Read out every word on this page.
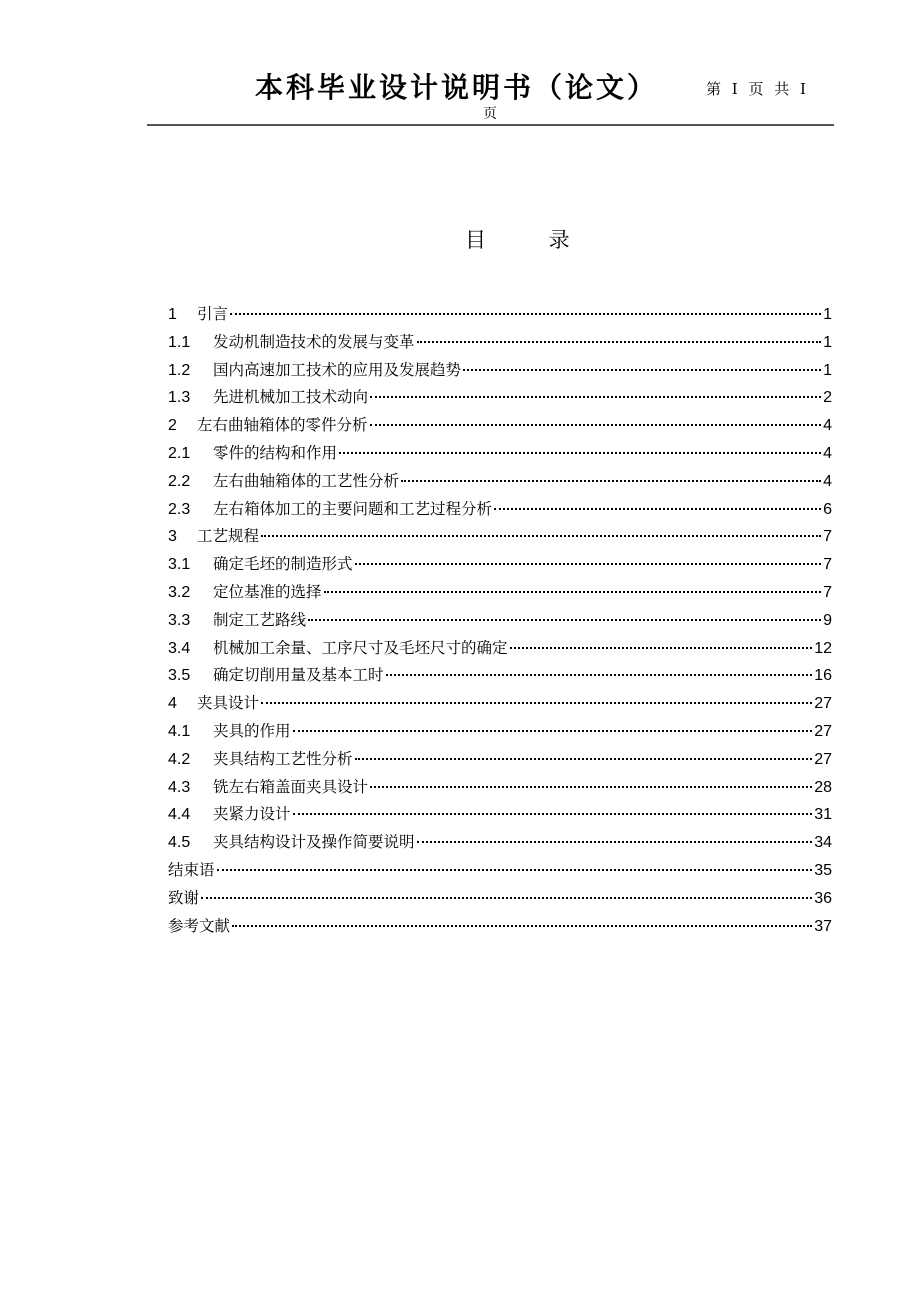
本科毕业设计说明书（论文）	第 I 页 共 I
页
目 录
1	引言	1
1.1	发动机制造技术的发展与变革	1
1.2	国内高速加工技术的应用及发展趋势	1
1.3	先进机械加工技术动向	2
2	左右曲轴箱体的零件分析	4
2.1	零件的结构和作用	4
2.2	左右曲轴箱体的工艺性分析	4
2.3	左右箱体加工的主要问题和工艺过程分析	6
3	工艺规程	7
3.1	确定毛坯的制造形式	7
3.2	定位基准的选择	7
3.3	制定工艺路线	9
3.4	机械加工余量、工序尺寸及毛坯尺寸的确定	12
3.5	确定切削用量及基本工时	16
4	夹具设计	27
4.1	夹具的作用	27
4.2	夹具结构工艺性分析	27
4.3	铣左右箱盖面夹具设计	28
4.4	夹紧力设计	31
4.5	夹具结构设计及操作简要说明	34
结束语	35
致谢	36
参考文献	37
